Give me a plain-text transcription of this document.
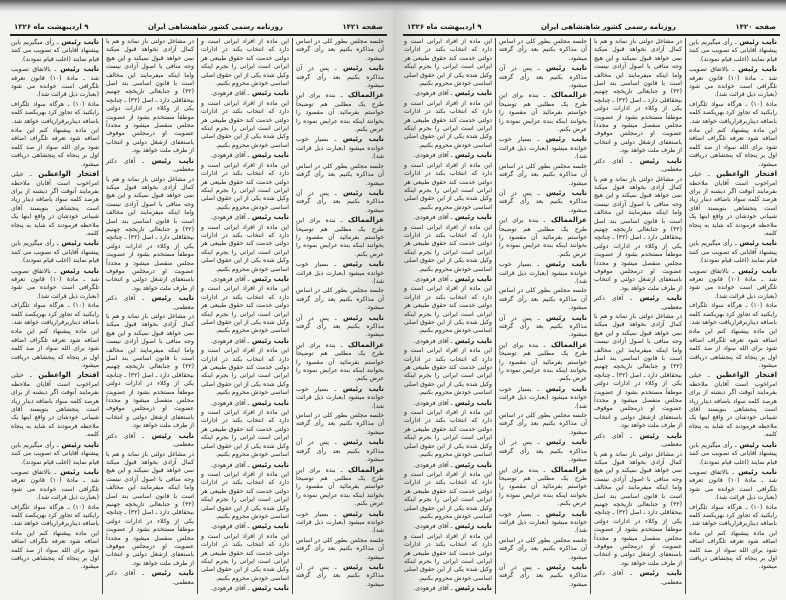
صفحه ۱۴۲۱
روزنامه رسمی کشور شاهنشاهی ایران
۹ اردیبهشت ماه ۱۳۲۶

جلسه مجلس بطور کلی در اساس آن مذاکره بکنیم بعد رأی گرفته میشود.

نایب رئیس ـ پس در آن مذاکره بکنیم بعد رأی گرفته میشود.

عزالممالک ـ بنده برای این طرح یک مطلبی هم توضیحاً خواستم بفرمائید آن مقصود را بخوانند اینکه بنده عرایض نموده را عرض بکنم.

نایب رئیس ـ بسیار خوب خوانده میشود (بعبارت ذیل قرائت شد).

جلسه مجلس بطور کلی در اساس آن مذاکره بکنیم بعد رأی گرفته میشود.

نایب رئیس ـ پس در آن مذاکره بکنیم بعد رأی گرفته میشود.

عزالممالک ـ بنده برای این طرح یک مطلبی هم توضیحاً خواستم بفرمائید آن مقصود را بخوانند اینکه بنده عرایض نموده را عرض بکنم.

نایب رئیس ـ بسیار خوب خوانده میشود (بعبارت ذیل قرائت شد).

جلسه مجلس بطور کلی در اساس آن مذاکره بکنیم بعد رأی گرفته میشود.

نایب رئیس ـ پس در آن مذاکره بکنیم بعد رأی گرفته میشود.

عزالممالک ـ بنده برای این طرح یک مطلبی هم توضیحاً خواستم بفرمائید آن مقصود را بخوانند اینکه بنده عرایض نموده را عرض بکنم.

نایب رئیس ـ بسیار خوب خوانده میشود (بعبارت ذیل قرائت شد).

جلسه مجلس بطور کلی در اساس آن مذاکره بکنیم بعد رأی گرفته میشود.

نایب رئیس ـ پس در آن مذاکره بکنیم بعد رأی گرفته میشود.

عزالممالک ـ بنده برای این طرح یک مطلبی هم توضیحاً خواستم بفرمائید آن مقصود را بخوانند اینکه بنده عرایض نموده را عرض بکنم.

نایب رئیس ـ بسیار خوب خوانده میشود (بعبارت ذیل قرائت شد).

جلسه مجلس بطور کلی در اساس آن مذاکره بکنیم بعد رأی گرفته میشود.

نایب رئیس ـ پس در آن مذاکره بکنیم بعد رأی گرفته میشود.

این ماده از افراد ایرانی است و دارد که انتخاب بکند در ادارات دولتی خدمت کند حقوق طبیعی هر ایرانی است ایرانی را بجرم اینکه وکیل شده یکی از این حقوق اصلی اساسی خودش محروم بکنیم.

نایب رئیس ـ آقای فرهودی.

این ماده از افراد ایرانی است و دارد که انتخاب بکند در ادارات دولتی خدمت کند حقوق طبیعی هر ایرانی است ایرانی را بجرم اینکه وکیل شده یکی از این حقوق اصلی اساسی خودش محروم بکنیم.

نایب رئیس ـ آقای فرهودی.

این ماده از افراد ایرانی است و دارد که انتخاب بکند در ادارات دولتی خدمت کند حقوق طبیعی هر ایرانی است ایرانی را بجرم اینکه وکیل شده یکی از این حقوق اصلی اساسی خودش محروم بکنیم.

نایب رئیس ـ آقای فرهودی.

این ماده از افراد ایرانی است و دارد که انتخاب بکند در ادارات دولتی خدمت کند حقوق طبیعی هر ایرانی است ایرانی را بجرم اینکه وکیل شده یکی از این حقوق اصلی اساسی خودش محروم بکنیم.

نایب رئیس ـ آقای فرهودی.

این ماده از افراد ایرانی است و دارد که انتخاب بکند در ادارات دولتی خدمت کند حقوق طبیعی هر ایرانی است ایرانی را بجرم اینکه وکیل شده یکی از این حقوق اصلی اساسی خودش محروم بکنیم.

نایب رئیس ـ آقای فرهودی.

این ماده از افراد ایرانی است و دارد که انتخاب بکند در ادارات دولتی خدمت کند حقوق طبیعی هر ایرانی است ایرانی را بجرم اینکه وکیل شده یکی از این حقوق اصلی اساسی خودش محروم بکنیم.

نایب رئیس ـ آقای فرهودی.

این ماده از افراد ایرانی است و دارد که انتخاب بکند در ادارات دولتی خدمت کند حقوق طبیعی هر ایرانی است ایرانی را بجرم اینکه وکیل شده یکی از این حقوق اصلی اساسی خودش محروم بکنیم.

نایب رئیس ـ آقای فرهودی.

این ماده از افراد ایرانی است و دارد که انتخاب بکند در ادارات دولتی خدمت کند حقوق طبیعی هر ایرانی است ایرانی را بجرم اینکه وکیل شده یکی از این حقوق اصلی اساسی خودش محروم بکنیم.

نایب رئیس ـ آقای فرهودی.

این ماده از افراد ایرانی است و دارد که انتخاب بکند در ادارات دولتی خدمت کند حقوق طبیعی هر ایرانی است ایرانی را بجرم اینکه وکیل شده یکی از این حقوق اصلی اساسی خودش محروم بکنیم.

نایب رئیس ـ آقای فرهودی.

در مشاغل دولتی باز نماند و هم با کمال آزادی بخواهد قبول میکند نمی خواهد قبول نمیکند و این هیچ وجه منافی با اصول آزادی نیست واما اینکه میفرمایند این مخالف است با قانون اساسی بند اصل (۳۲) و جنابعالی تاریخچه چهنیم بیحقاقلی دارد ـ اصل (۳۲) ـ چنانچه یکی از وکلاء در ادارات دولتی موظفاً مستخدم بشود از عضویت مجلس منفصل میشود و مجدداً عضویت او درمجلس موقوف باستعفای ازشغل دولتی و انتخاب از طرف ملت خواهد بود.

نایب رئیس ـ آقای دکتر معظمی.

در مشاغل دولتی باز نماند و هم با کمال آزادی بخواهد قبول میکند نمی خواهد قبول نمیکند و این هیچ وجه منافی با اصول آزادی نیست واما اینکه میفرمایند این مخالف است با قانون اساسی بند اصل (۳۲) و جنابعالی تاریخچه چهنیم بیحقاقلی دارد ـ اصل (۳۲) ـ چنانچه یکی از وکلاء در ادارات دولتی موظفاً مستخدم بشود از عضویت مجلس منفصل میشود و مجدداً عضویت او درمجلس موقوف باستعفای ازشغل دولتی و انتخاب از طرف ملت خواهد بود.

نایب رئیس ـ آقای دکتر معظمی.

در مشاغل دولتی باز نماند و هم با کمال آزادی بخواهد قبول میکند نمی خواهد قبول نمیکند و این هیچ وجه منافی با اصول آزادی نیست واما اینکه میفرمایند این مخالف است با قانون اساسی بند اصل (۳۲) و جنابعالی تاریخچه چهنیم بیحقاقلی دارد ـ اصل (۳۲) ـ چنانچه یکی از وکلاء در ادارات دولتی موظفاً مستخدم بشود از عضویت مجلس منفصل میشود و مجدداً عضویت او درمجلس موقوف باستعفای ازشغل دولتی و انتخاب از طرف ملت خواهد بود.

نایب رئیس ـ آقای دکتر معظمی.

در مشاغل دولتی باز نماند و هم با کمال آزادی بخواهد قبول میکند نمی خواهد قبول نمیکند و این هیچ وجه منافی با اصول آزادی نیست واما اینکه میفرمایند این مخالف است با قانون اساسی بند اصل (۳۲) و جنابعالی تاریخچه چهنیم بیحقاقلی دارد ـ اصل (۳۲) ـ چنانچه یکی از وکلاء در ادارات دولتی موظفاً مستخدم بشود از عضویت مجلس منفصل میشود و مجدداً عضویت او درمجلس موقوف باستعفای ازشغل دولتی و انتخاب از طرف ملت خواهد بود.

نایب رئیس ـ آقای دکتر معظمی.

نایب رئیس ـ رأی میگیریم باین پیشنهاد آقایانی که تصویب می کنند قیام نمایند (اغلب قیام نمودند).

نایب رئیس ـ بالاتفاق تصویب شد ـ مادهٔ (۱۰) قانون تعرفه تلگرافی است خوانده می شود (بعبارت ذیل قرائت شد).

مادهٔ (۱۰) ـ هرگاه سواد تلگراف رایکنید که تجاوز کرد بهریکصد کلمه باضافه دیناربرقراریافت خواهد شد.

این ماده پیشنهاد کنم این ماده اضافه شود تعرفه تلگراف اضافه شود برای الله سواد از صد کلمه اول بر پنجاه که پنجشاهی دریافت میشود.

افتخار الواعظین ـ خیلی امراخوب است آقایان ملاحظه بفرمایند آنوقت اگر دیشنه از برای هرصد کلمه سواد باضافه دینار زیاد است پنجشاهی بنویسند آقای شیبانی خودشان در واقع اینها یک ملاحظه فرمودند که شاید به پنجاه کلمه.

نایب رئیس ـ رأی میگیریم باین پیشنهاد آقایانی که تصویب می کنند قیام نمایند (اغلب قیام نمودند).

نایب رئیس ـ بالاتفاق تصویب شد ـ مادهٔ (۱۰) قانون تعرفه تلگرافی است خوانده می شود (بعبارت ذیل قرائت شد).

مادهٔ (۱۰) ـ هرگاه سواد تلگراف رایکنید که تجاوز کرد بهریکصد کلمه باضافه دیناربرقراریافت خواهد شد.

این ماده پیشنهاد کنم این ماده اضافه شود تعرفه تلگراف اضافه شود برای الله سواد از صد کلمه اول بر پنجاه که پنجشاهی دریافت میشود.

افتخار الواعظین ـ خیلی امراخوب است آقایان ملاحظه بفرمایند آنوقت اگر دیشنه از برای هرصد کلمه سواد باضافه دینار زیاد است پنجشاهی بنویسند آقای شیبانی خودشان در واقع اینها یک ملاحظه فرمودند که شاید به پنجاه کلمه.

نایب رئیس ـ رأی میگیریم باین پیشنهاد آقایانی که تصویب می کنند قیام نمایند (اغلب قیام نمودند).

نایب رئیس ـ بالاتفاق تصویب شد ـ مادهٔ (۱۰) قانون تعرفه تلگرافی است خوانده می شود (بعبارت ذیل قرائت شد).

مادهٔ (۱۰) ـ هرگاه سواد تلگراف رایکنید که تجاوز کرد بهریکصد کلمه باضافه دیناربرقراریافت خواهد شد.

این ماده پیشنهاد کنم این ماده اضافه شود تعرفه تلگراف اضافه شود برای الله سواد از صد کلمه اول بر پنجاه که پنجشاهی دریافت میشود.

صفحه ۱۴۲۰
روزنامه رسمی کشور شاهنشاهی ایران
۹ اردیبهشت ماه ۱۳۲۶

نایب رئیس ـ رأی میگیریم باین پیشنهاد آقایانی که تصویب می کنند قیام نمایند (اغلب قیام نمودند).

نایب رئیس ـ بالاتفاق تصویب شد ـ مادهٔ (۱۰) قانون تعرفه تلگرافی است خوانده می شود (بعبارت ذیل قرائت شد).

مادهٔ (۱۰) ـ هرگاه سواد تلگراف رایکنید که تجاوز کرد بهریکصد کلمه باضافه دیناربرقراریافت خواهد شد.

این ماده پیشنهاد کنم این ماده اضافه شود تعرفه تلگراف اضافه شود برای الله سواد از صد کلمه اول بر پنجاه که پنجشاهی دریافت میشود.

افتخار الواعظین ـ خیلی امراخوب است آقایان ملاحظه بفرمایند آنوقت اگر دیشنه از برای هرصد کلمه سواد باضافه دینار زیاد است پنجشاهی بنویسند آقای شیبانی خودشان در واقع اینها یک ملاحظه فرمودند که شاید به پنجاه کلمه.

نایب رئیس ـ رأی میگیریم باین پیشنهاد آقایانی که تصویب می کنند قیام نمایند (اغلب قیام نمودند).

نایب رئیس ـ بالاتفاق تصویب شد ـ مادهٔ (۱۰) قانون تعرفه تلگرافی است خوانده می شود (بعبارت ذیل قرائت شد).

مادهٔ (۱۰) ـ هرگاه سواد تلگراف رایکنید که تجاوز کرد بهریکصد کلمه باضافه دیناربرقراریافت خواهد شد.

این ماده پیشنهاد کنم این ماده اضافه شود تعرفه تلگراف اضافه شود برای الله سواد از صد کلمه اول بر پنجاه که پنجشاهی دریافت میشود.

افتخار الواعظین ـ خیلی امراخوب است آقایان ملاحظه بفرمایند آنوقت اگر دیشنه از برای هرصد کلمه سواد باضافه دینار زیاد است پنجشاهی بنویسند آقای شیبانی خودشان در واقع اینها یک ملاحظه فرمودند که شاید به پنجاه کلمه.

نایب رئیس ـ رأی میگیریم باین پیشنهاد آقایانی که تصویب می کنند قیام نمایند (اغلب قیام نمودند).

نایب رئیس ـ بالاتفاق تصویب شد ـ مادهٔ (۱۰) قانون تعرفه تلگرافی است خوانده می شود (بعبارت ذیل قرائت شد).

مادهٔ (۱۰) ـ هرگاه سواد تلگراف رایکنید که تجاوز کرد بهریکصد کلمه باضافه دیناربرقراریافت خواهد شد.

این ماده پیشنهاد کنم این ماده اضافه شود تعرفه تلگراف اضافه شود برای الله سواد از صد کلمه اول بر پنجاه که پنجشاهی دریافت میشود.

در مشاغل دولتی باز نماند و هم با کمال آزادی بخواهد قبول میکند نمی خواهد قبول نمیکند و این هیچ وجه منافی با اصول آزادی نیست واما اینکه میفرمایند این مخالف است با قانون اساسی بند اصل (۳۲) و جنابعالی تاریخچه چهنیم بیحقاقلی دارد ـ اصل (۳۲) ـ چنانچه یکی از وکلاء در ادارات دولتی موظفاً مستخدم بشود از عضویت مجلس منفصل میشود و مجدداً عضویت او درمجلس موقوف باستعفای ازشغل دولتی و انتخاب از طرف ملت خواهد بود.

نایب رئیس ـ آقای دکتر معظمی.

در مشاغل دولتی باز نماند و هم با کمال آزادی بخواهد قبول میکند نمی خواهد قبول نمیکند و این هیچ وجه منافی با اصول آزادی نیست واما اینکه میفرمایند این مخالف است با قانون اساسی بند اصل (۳۲) و جنابعالی تاریخچه چهنیم بیحقاقلی دارد ـ اصل (۳۲) ـ چنانچه یکی از وکلاء در ادارات دولتی موظفاً مستخدم بشود از عضویت مجلس منفصل میشود و مجدداً عضویت او درمجلس موقوف باستعفای ازشغل دولتی و انتخاب از طرف ملت خواهد بود.

نایب رئیس ـ آقای دکتر معظمی.

در مشاغل دولتی باز نماند و هم با کمال آزادی بخواهد قبول میکند نمی خواهد قبول نمیکند و این هیچ وجه منافی با اصول آزادی نیست واما اینکه میفرمایند این مخالف است با قانون اساسی بند اصل (۳۲) و جنابعالی تاریخچه چهنیم بیحقاقلی دارد ـ اصل (۳۲) ـ چنانچه یکی از وکلاء در ادارات دولتی موظفاً مستخدم بشود از عضویت مجلس منفصل میشود و مجدداً عضویت او درمجلس موقوف باستعفای ازشغل دولتی و انتخاب از طرف ملت خواهد بود.

نایب رئیس ـ آقای دکتر معظمی.

در مشاغل دولتی باز نماند و هم با کمال آزادی بخواهد قبول میکند نمی خواهد قبول نمیکند و این هیچ وجه منافی با اصول آزادی نیست واما اینکه میفرمایند این مخالف است با قانون اساسی بند اصل (۳۲) و جنابعالی تاریخچه چهنیم بیحقاقلی دارد ـ اصل (۳۲) ـ چنانچه یکی از وکلاء در ادارات دولتی موظفاً مستخدم بشود از عضویت مجلس منفصل میشود و مجدداً عضویت او درمجلس موقوف باستعفای ازشغل دولتی و انتخاب از طرف ملت خواهد بود.

نایب رئیس ـ آقای دکتر معظمی.

جلسه مجلس بطور کلی در اساس آن مذاکره بکنیم بعد رأی گرفته میشود.

نایب رئیس ـ پس در آن مذاکره بکنیم بعد رأی گرفته میشود.

عزالممالک ـ بنده برای این طرح یک مطلبی هم توضیحاً خواستم بفرمائید آن مقصود را بخوانند اینکه بنده عرایض نموده را عرض بکنم.

نایب رئیس ـ بسیار خوب خوانده میشود (بعبارت ذیل قرائت شد).

جلسه مجلس بطور کلی در اساس آن مذاکره بکنیم بعد رأی گرفته میشود.

نایب رئیس ـ پس در آن مذاکره بکنیم بعد رأی گرفته میشود.

عزالممالک ـ بنده برای این طرح یک مطلبی هم توضیحاً خواستم بفرمائید آن مقصود را بخوانند اینکه بنده عرایض نموده را عرض بکنم.

نایب رئیس ـ بسیار خوب خوانده میشود (بعبارت ذیل قرائت شد).

جلسه مجلس بطور کلی در اساس آن مذاکره بکنیم بعد رأی گرفته میشود.

نایب رئیس ـ پس در آن مذاکره بکنیم بعد رأی گرفته میشود.

عزالممالک ـ بنده برای این طرح یک مطلبی هم توضیحاً خواستم بفرمائید آن مقصود را بخوانند اینکه بنده عرایض نموده را عرض بکنم.

نایب رئیس ـ بسیار خوب خوانده میشود (بعبارت ذیل قرائت شد).

جلسه مجلس بطور کلی در اساس آن مذاکره بکنیم بعد رأی گرفته میشود.

نایب رئیس ـ پس در آن مذاکره بکنیم بعد رأی گرفته میشود.

عزالممالک ـ بنده برای این طرح یک مطلبی هم توضیحاً خواستم بفرمائید آن مقصود را بخوانند اینکه بنده عرایض نموده را عرض بکنم.

نایب رئیس ـ بسیار خوب خوانده میشود (بعبارت ذیل قرائت شد).

جلسه مجلس بطور کلی در اساس آن مذاکره بکنیم بعد رأی گرفته میشود.

نایب رئیس ـ پس در آن مذاکره بکنیم بعد رأی گرفته میشود.

این ماده از افراد ایرانی است و دارد که انتخاب بکند در ادارات دولتی خدمت کند حقوق طبیعی هر ایرانی است ایرانی را بجرم اینکه وکیل شده یکی از این حقوق اصلی اساسی خودش محروم بکنیم.

نایب رئیس ـ آقای فرهودی.

این ماده از افراد ایرانی است و دارد که انتخاب بکند در ادارات دولتی خدمت کند حقوق طبیعی هر ایرانی است ایرانی را بجرم اینکه وکیل شده یکی از این حقوق اصلی اساسی خودش محروم بکنیم.

نایب رئیس ـ آقای فرهودی.

این ماده از افراد ایرانی است و دارد که انتخاب بکند در ادارات دولتی خدمت کند حقوق طبیعی هر ایرانی است ایرانی را بجرم اینکه وکیل شده یکی از این حقوق اصلی اساسی خودش محروم بکنیم.

نایب رئیس ـ آقای فرهودی.

این ماده از افراد ایرانی است و دارد که انتخاب بکند در ادارات دولتی خدمت کند حقوق طبیعی هر ایرانی است ایرانی را بجرم اینکه وکیل شده یکی از این حقوق اصلی اساسی خودش محروم بکنیم.

نایب رئیس ـ آقای فرهودی.

این ماده از افراد ایرانی است و دارد که انتخاب بکند در ادارات دولتی خدمت کند حقوق طبیعی هر ایرانی است ایرانی را بجرم اینکه وکیل شده یکی از این حقوق اصلی اساسی خودش محروم بکنیم.

نایب رئیس ـ آقای فرهودی.

این ماده از افراد ایرانی است و دارد که انتخاب بکند در ادارات دولتی خدمت کند حقوق طبیعی هر ایرانی است ایرانی را بجرم اینکه وکیل شده یکی از این حقوق اصلی اساسی خودش محروم بکنیم.

نایب رئیس ـ آقای فرهودی.

این ماده از افراد ایرانی است و دارد که انتخاب بکند در ادارات دولتی خدمت کند حقوق طبیعی هر ایرانی است ایرانی را بجرم اینکه وکیل شده یکی از این حقوق اصلی اساسی خودش محروم بکنیم.

نایب رئیس ـ آقای فرهودی.

این ماده از افراد ایرانی است و دارد که انتخاب بکند در ادارات دولتی خدمت کند حقوق طبیعی هر ایرانی است ایرانی را بجرم اینکه وکیل شده یکی از این حقوق اصلی اساسی خودش محروم بکنیم.

نایب رئیس ـ آقای فرهودی.

این ماده از افراد ایرانی است و دارد که انتخاب بکند در ادارات دولتی خدمت کند حقوق طبیعی هر ایرانی است ایرانی را بجرم اینکه وکیل شده یکی از این حقوق اصلی اساسی خودش محروم بکنیم.

نایب رئیس ـ آقای فرهودی.
